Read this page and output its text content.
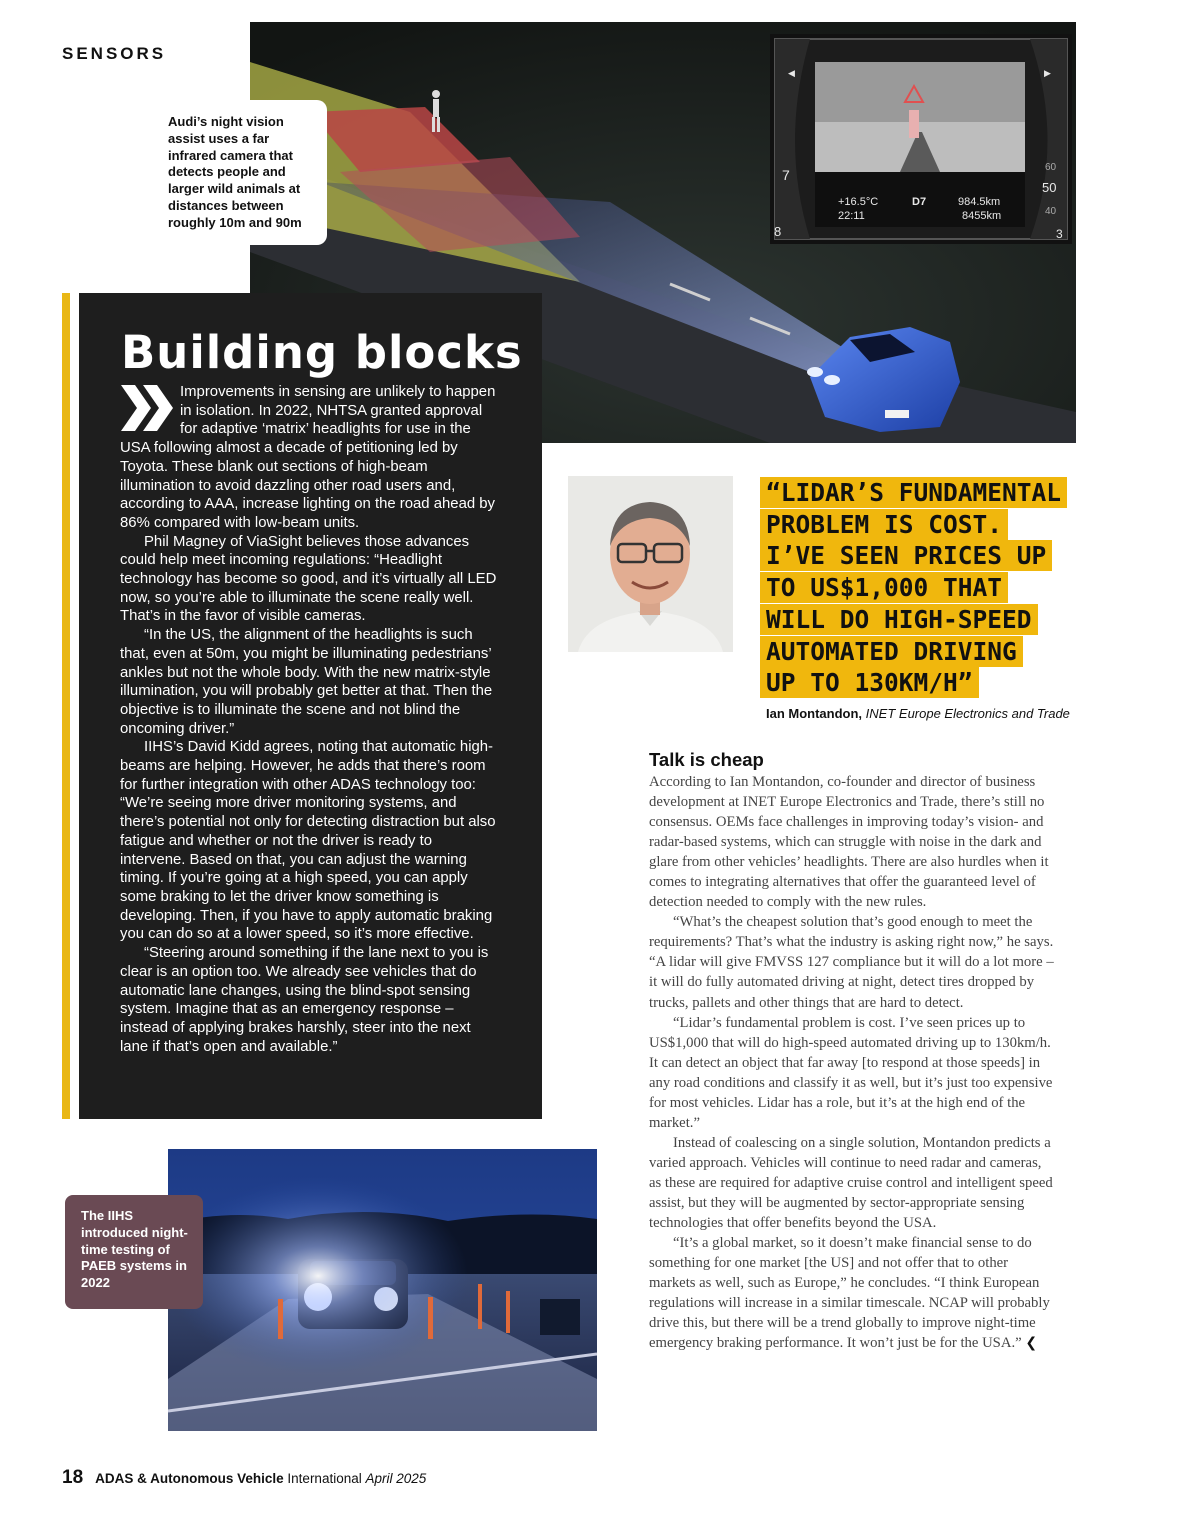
SENSORS
+16.5°C
22:11
D7	984.5km
8455km
60
50
40
7
8	3
◀	▶
Audi’s night vision assist uses a far infrared camera that detects people and larger wild animals at distances between roughly 10m and 90m
Building blocks

Improvements in sensing are unlikely to happen in isolation. In 2022, NHTSA granted approval for adaptive ‘matrix’ headlights for use in the USA following almost a decade of petitioning led by Toyota. These blank out sections of high-beam illumination to avoid dazzling other road users and, according to AAA, increase lighting on the road ahead by 86% compared with low-beam units.

Phil Magney of ViaSight believes those advances could help meet incoming regulations: “Headlight technology has become so good, and it’s virtually all LED now, so you’re able to illuminate the scene really well. That’s in the favor of visible cameras.

“In the US, the alignment of the headlights is such that, even at 50m, you might be illuminating pedestrians’ ankles but not the whole body. With the new matrix-style illumination, you will probably get better at that. Then the objective is to illuminate the scene and not blind the oncoming driver.”

IIHS’s David Kidd agrees, noting that automatic high-beams are helping. However, he adds that there’s room for further integration with other ADAS technology too: “We’re seeing more driver monitoring systems, and there’s potential not only for detecting distraction but also fatigue and whether or not the driver is ready to intervene. Based on that, you can adjust the warning timing. If you’re going at a high speed, you can apply some braking to let the driver know something is developing. Then, if you have to apply automatic braking you can do so at a lower speed, so it’s more effective.

“Steering around something if the lane next to you is clear is an option too. We already see vehicles that do automatic lane changes, using the blind-spot sensing system. Imagine that as an emergency response – instead of applying brakes harshly, steer into the next lane if that’s open and available.”

“LIDAR’S FUNDAMENTAL
PROBLEM IS COST.
I’VE SEEN PRICES UP
TO US$1,000 THAT
WILL DO HIGH-SPEED
AUTOMATED DRIVING
UP TO 130KM/H”
Ian Montandon, INET Europe Electronics and Trade
Talk is cheap

According to Ian Montandon, co-founder and director of business development at INET Europe Electronics and Trade, there’s still no consensus. OEMs face challenges in improving today’s vision- and radar-based systems, which can struggle with noise in the dark and glare from other vehicles’ headlights. There are also hurdles when it comes to integrating alternatives that offer the guaranteed level of detection needed to comply with the new rules.

“What’s the cheapest solution that’s good enough to meet the requirements? That’s what the industry is asking right now,” he says. “A lidar will give FMVSS 127 compliance but it will do a lot more – it will do fully automated driving at night, detect tires dropped by trucks, pallets and other things that are hard to detect.

“Lidar’s fundamental problem is cost. I’ve seen prices up to US$1,000 that will do high-speed automated driving up to 130km/h. It can detect an object that far away [to respond at those speeds] in any road conditions and classify it as well, but it’s just too expensive for most vehicles. Lidar has a role, but it’s at the high end of the market.”

Instead of coalescing on a single solution, Montandon predicts a varied approach. Vehicles will continue to need radar and cameras, as these are required for adaptive cruise control and intelligent speed assist, but they will be augmented by sector-appropriate sensing technologies that offer benefits beyond the USA.

“It’s a global market, so it doesn’t make financial sense to do something for one market [the US] and not offer that to other markets as well, such as Europe,” he concludes. “I think European regulations will increase in a similar timescale. NCAP will probably drive this, but there will be a trend globally to improve night-time emergency braking performance. It won’t just be for the USA.” ❮

The IIHS introduced night-time testing of PAEB systems in 2022
18 ADAS & Autonomous Vehicle International April 2025
